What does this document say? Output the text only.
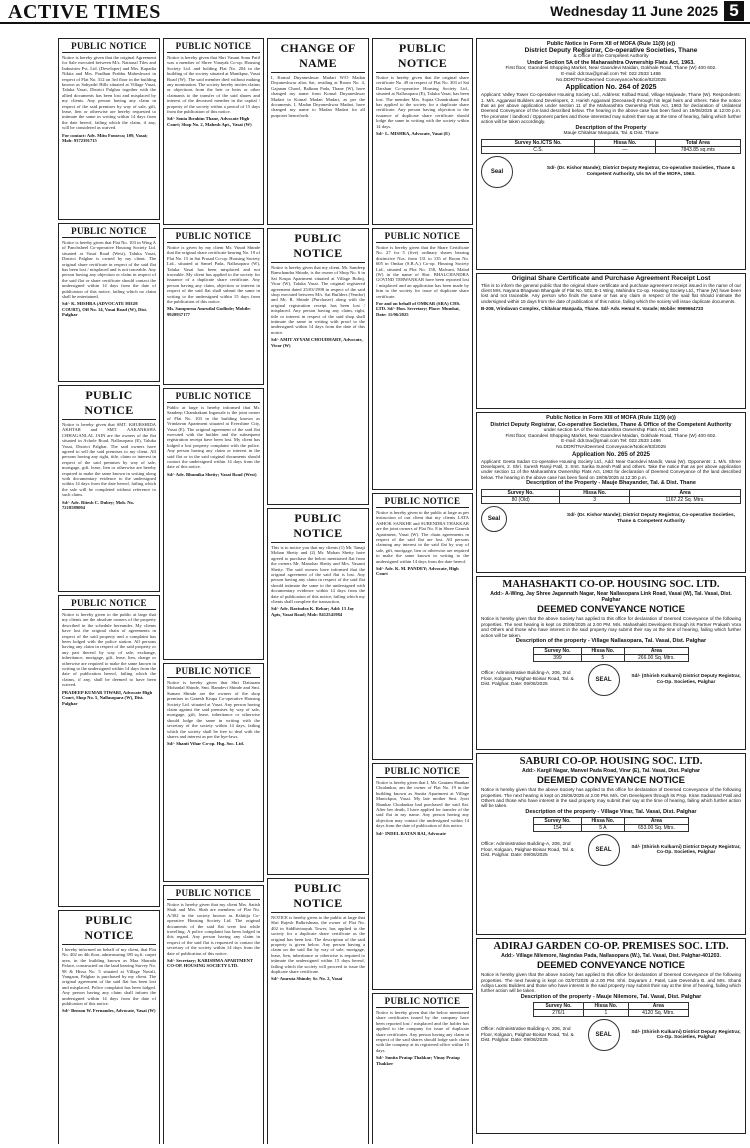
ACTIVE TIMES	Wednesday 11 June 2025 5
PUBLIC NOTICE
Notice is hereby given that the original Agreement for Sale executed between M/s. National Tiles and Industries Pvt. Ltd. (Developer) and Mrs. Kapadia Nikita and Mrs. Pradhan Prabhu Maheshwari in respect of Flat No. 312 on 3rd floor in the building known as Sahyadri Hills situated at Village Vasai, Taluka Vasai, District Palghar together with the allied documents has been lost and misplaced by my clients. Any person having any claim in respect of the said premises by way of sale, gift, lease, lien or otherwise are hereby requested to intimate the same in writing within 14 days from the date hereof, failing which the claim, if any, will be considered as waived.
For contact: Adv. Mitu Fonseca; 109, Vasai; Mob: 9372391715
PUBLIC NOTICE
Notice is hereby given that Flat No. 103 in Wing A of Panchsheel Co-operative Housing Society Ltd. situated at Vasai Road (West), Taluka Vasai, District Palghar is owned by my client. The original share certificate in respect of the said flat has been lost / misplaced and is not traceable. Any person having any objection or claim in respect of the said flat or share certificate should contact the undersigned within 14 days from the date of publication of this notice, failing which no claim shall be entertained.
Sd/- K. MISHRA (ADVOCATE HIGH COURT), Off No. 14, Vasai Road (W), Dist. Palghar
PUBLIC NOTICE
Notice is hereby given that SMT. KHURSHIDA AKHTAR and SMT. AAKANKSHA CHHAGANLAL JAIN are the owners of the flat situated in Achole Road, Nallasopara (E), Taluka Vasai, District Palghar. The said owners have agreed to sell the said premises to my client. All persons having any right, title, claim or interest in respect of the said premises by way of sale, mortgage, gift, lease, lien or otherwise are hereby required to make the same known in writing along with documentary evidence to the undersigned within 14 days from the date hereof, failing which the sale will be completed without reference to such claim.
Sd/- Adv. Ritesh C. Dubey; Mob. No. 7218589094
PUBLIC NOTICE
Notice is hereby given to the public at large that my clients are the absolute owners of the property described in the schedule hereunder. My clients have lost the original chain of agreements in respect of the said property and a complaint has been lodged with the police station. All persons having any claim in respect of the said property or any part thereof by way of sale, exchange, inheritance, mortgage, gift, lease, lien, charge or otherwise are required to make the same known in writing to the undersigned within 14 days from the date of publication hereof, failing which the claims, if any, shall be deemed to have been waived.
PRADEEP KUMAR TIWARI, Advocate High Court, Shop No. 5, Nallasopara (W), Dist. Palghar
PUBLIC NOTICE
I hereby informed on behalf of my client, that Flat No. 402 on 4th floor, admeasuring 395 sq.ft. carpet area, in the building known as Maa Sharada Palace, constructed on the land bearing Survey No. 98 & Hissa No. 5 situated at Village Navali, Vangaon, Palghar is purchased by my client. The original agreement of the said flat has been lost and misplaced. Police complaint has been lodged. Any person having any claim shall inform the undersigned within 14 days from the date of publication of this notice.
Sd/- Benson W. Fernandes, Advocate, Vasai (W)
PUBLIC NOTICE
Notice is hereby given that Shri Vasant Sonu Patil was a member of Shree Vinayak Co-op. Housing Society Ltd. and holding Flat No. 204 in the building of the society situated at Manikpur, Vasai Road (W). The said member died without making any nomination. The society hereby invites claims or objections from the heir or heirs or other claimants to the transfer of the said shares and interest of the deceased member in the capital / property of the society within a period of 15 days from the publication of this notice.
Sd/- Sonia Ibrahim Thane, Advocate High Court; Shop No. 2, Mahesh Apt., Vasai (W)
PUBLIC NOTICE
Notice is given by my client Mr. Vinod Shinde that the original share certificate bearing No. 19 of Flat No. 15 in Sai Prasad Co-op. Housing Society Ltd., situated at Samel Pada, Nallasopara (W), Taluka Vasai has been misplaced and not traceable. My client has applied to the society for issuance of a duplicate share certificate. Any person having any claim, objection or interest in respect of the said flat shall submit the same in writing to the undersigned within 15 days from the publication of this notice.
Ms. Sampurna Amrutlal Godbole; Mobile: 9920937177
PUBLIC NOTICE
Public at large is hereby informed that Mr. Sandeep Chandrakant Ingawale is the joint owner of Flat No. 103 in the building known as Vrindavan Apartment situated at Evershine City, Vasai (E). The original agreement of the said flat executed with the builder and the subsequent registration receipt have been lost. My client has lodged a lost property complaint with the police. Any person having any claim or interest in the said flat or in the said original documents should contact the undersigned within 14 days from the date of this notice.
Sd/- Adv. Bhumika Shetty; Vasai Road (West)
PUBLIC NOTICE
Notice is hereby given that Shri Dattaram Mohanlal Shinde, Smt. Ramdevi Shinde and Smt. Suman Shinde are the owners of the shop premises in Ganesh Krupa Co-operative Housing Society Ltd. situated at Vasai. Any person having claim against the said premises by way of sale, mortgage, gift, lease, inheritance or otherwise should lodge the same in writing with the secretary of the society within 14 days, failing which the society shall be free to deal with the shares and interest as per the bye-laws.
Sd/- Shanti Vihar Co-op. Hsg. Soc. Ltd.
PUBLIC NOTICE
Notice is hereby given that my client Mrs. Satish Shah and Mrs. Shah are members of Flat No. A/302 in the society known as Kshitija Co-operative Housing Society Ltd. The original documents of the said flat were lost while travelling. A police complaint has been lodged in this regard. Any person having any claim in respect of the said flat is requested to contact the secretary of the society within 14 days from the date of publication of this notice.
Sd/- Secretary; KARISHMA APARTMENT CO-OP. HOUSING SOCIETY LTD.
CHANGE OF NAME
I, Komal Dnyaneshwar Madari W/O Madan Dnyaneshwar alias Sai, residing at Room No. 4, Gajanan Chawl, Balkum Pada, Thane (W), have changed my name from Komal Dnyaneshwar Madari to Komal Madan Madari, as per the documents. I, Madan Dnyaneshwar Madari, have changed my name to Madan Madari for all purposes henceforth.
PUBLIC NOTICE
Notice is hereby given that my client, Mr. Sandeep Ramchandra Shinde, is the owner of Shop No. 6 in Sai Krupa Apartment situated at Village Bolinj, Virar (W), Taluka Vasai. The original registered agreement dated 25/03/1998 in respect of the said shop executed between M/s. Sai Builders (Vendor) and Mr. R. Shinde (Purchaser) along with the original registration receipt has been lost / misplaced. Any person having any claim, right, title or interest in respect of the said shop shall intimate the same in writing with proof to the undersigned within 14 days from the date of this notice.
Sd/- AMIT AYYAM CHOUDHARY, Advocate, Virar (W)
PUBLIC NOTICE
This is to notice you that my clients (1) Mr. Tanaji Mohan Shetty and (2) Mr. Mohan Shetty have agreed to purchase the below mentioned flat from the owners Mr. Manohar Shetty and Mrs. Vasanti Shetty. The said owners have informed that the original agreement of the said flat is lost. Any person having any claim in respect of the said flat should intimate the same to the undersigned with documentary evidence within 14 days from the date of publication of this notice, failing which my clients shall complete the transaction.
Sd/- Adv. Ravindra K. Rebar; Add: 13 Jay Apts, Vasai Road; Mob: 8412541984
PUBLIC NOTICE
NOTICE is hereby given to the public at large that Shri Rajesh Balkrishnan, the owner of Flat No. 402 in Siddhivinayak Tower, has applied to the society for a duplicate share certificate as the original has been lost. The description of the said property is given below. Any person having a claim on the said flat by way of sale, mortgage, lease, lien, inheritance or otherwise is required to intimate the undersigned within 15 days hereof, failing which the society will proceed to issue the duplicate share certificate.
Sd/- Amruta Shinde; Sr. No. 2, Vasai
PUBLIC NOTICE
Notice is hereby given that the original share certificate No. 49 in respect of Flat No. 303 of Sai Darshan Co-operative Housing Society Ltd., situated at Nallasopara (E), Taluka Vasai, has been lost. The member Mrs. Sujata Chandrakant Patil has applied to the society for a duplicate share certificate. Any person having objection to the issuance of duplicate share certificate should lodge the same in writing with the society within 14 days.
Sd/- L. MISHRA, Advocate, Vasai (E)
PUBLIC NOTICE
Notice is hereby given that the Share Certificate No. 27 for 5 (five) ordinary shares bearing distinctive Nos. from 131 to 135 of Room No. 605 in Omkar (S.R.A.) Co-op. Housing Society Ltd., situated at Plot No. 158, Malvani, Malad (W) in the name of Shri. BHALCHANDRA GOVIND TERWANKAR have been reported lost / misplaced and an application has been made by him to the society for issue of duplicate share certificate.
For and on behalf of OMKAR (SRA) CHS. LTD. Sd/- Hon. Secretary; Place: Mumbai, Date: 11/06/2025
PUBLIC NOTICE
Notice is hereby given to the public at large as per instruction of our client that my clients LATA ASHOK SANKHE and SURENDRA THAKKAR are the joint owners of Flat No. 8 in Shree Ganesh Apartment, Vasai (W). The chain agreements in respect of the said flat are lost. All persons claiming any interest in the said flat by way of sale, gift, mortgage, lien or otherwise are required to make the same known in writing to the undersigned within 14 days from the date hereof.
Sd/- Adv. K. M. PANDEY; Advocate, High Court
PUBLIC NOTICE
Notice is hereby given that I, Mr. Gautam Shankar Chodankar, am the owner of Flat No. 19 in the building known as Sunita Apartment at Village Manickpur, Vasai. My late mother Smt. Jyoti Shankar Chodankar had purchased the said flat. After her death, I have applied for transfer of the said flat in my name. Any person having any objection may contact the undersigned within 14 days from the date of publication of this notice.
Sd/- INDEL RATAN BAI, Advocate
PUBLIC NOTICE
Notice is hereby given that the below mentioned share certificates issued by the company have been reported lost / misplaced and the holder has applied to the company for issue of duplicate share certificates. Any person having any claim in respect of the said shares should lodge such claim with the company at its registered office within 15 days.
Sd/- Sunita Pratap Thakkar; Vinay Pratap Thakker
Public Notice in Form XII of MOFA (Rule 11(9) (e))
District Deputy Registrar, Co-operative Societies, Thane
& Office of the Competent Authority
Under Section 5A of the Maharashtra Ownership Flats Act, 1963.
First floor, Gaondevi Shopping Market, Near Gaondevi Maidan, Gokhale Road, Thane (W) 400 602.
E-mail: ddr.tna@gmail.com Tel: 022 2533 1486
No.DDR/TNA/Deemed Conveyance/Notice/62/2025
Application No. 264 of 2025
Applicant: Valley Tower Co-operative Housing Society Ltd., Address: Kolbad Road, Village Majiwade, Thane (W). Respondents: 1. M/s. Aggarwal Builders and Developers, 2. Harish Aggarwal (Deceased) through his legal heirs and others. Take the notice that as per above application under section 11 of the Maharashtra Ownership Flats Act, 1963 for declaration of Unilateral Deemed Conveyance of the land described below. The hearing in the above case has been fixed on 19/06/2025 at 12:00 p.m. The promoter / landlord / Opponent parties and those interested may submit their say at the time of hearing, failing which further action will be taken accordingly.
Description of the Property
Mauje Chitalsar Manpada, Tal. & Dist. Thane
Survey No./CTS No.	Hissa No.	Total Area
C.S.	—	7843.85 sq.mts
Seal
Sd/- (Dr. Kishor Mande); District Deputy Registrar, Co-operative Societies, Thane & Competent Authority, U/s 5A of the MOFA, 1963.
Original Share Certificate and Purchase Agreement Receipt Lost
This is to inform the general public that the original share certificate and purchase agreement receipt issued in the name of our client Mrs. Nayana Bhagwan Bhangale of Flat No. 502, B-1 Wing, Mahindra Co-op. Housing Society Ltd., Thane (W) have been lost and not traceable. Any person who finds the same or has any claim in respect of the said flat should intimate the undersigned within 15 days from the date of publication of this notice, failing which the society will issue duplicate documents.
B-208, Vrindavan Complex, Chitalsar Manpada, Thane. Sd/- Adv. Hemal K. Varade; Mobile: 9969664733
Public Notice in Form XIII of MOFA (Rule 11(9) (e))
District Deputy Registrar, Co-operative Societies, Thane & Office of the Competent Authority
under section 5A of the Maharashtra Ownership Flats Act, 1963
First floor, Gaondevi Shopping Market, Near Gaondevi Maidan, Gokhale Road, Thane (W) 400 602.
E-mail: ddr.tna@gmail.com Tel: 022 2533 1486
No.DDR/TNA/Deemed Conveyance/Notice/63/2025
Application No. 265 of 2025
Applicant: Geeta Sadan Co-operative Housing Society Ltd., Add: Near Gaondevi Mandir, Vasai (W). Opponents: 1. M/s. Shree Developers, 2. Shri. Suresh Ramji Patil, 3. Smt. Sarika Suresh Patil and others. Take the notice that as per above application under section 11 of the Maharashtra Ownership Flats Act, 1963 for declaration of Deemed Conveyance of the land described below. The hearing in the above case has been fixed on 19/06/2025 at 12:30 p.m.
Description of the Property - Mauje Bhayander, Tal. & Dist. Thane
Survey No.	Hissa No.	Area
80 (Old)	3	1167.22 Sq. Mtrs.
Seal
Sd/- (Dr. Kishor Mande); District Deputy Registrar, Co-operative Societies, Thane & Competent Authority
MAHASHAKTI CO-OP. HOUSING SOC. LTD.
Add:- A-Wing, Jay Shree Jagannath Nagar, Near Nallasopara Link Road, Vasai (W), Tal. Vasai, Dist. Palghar
DEEMED CONVEYANCE NOTICE
Notice is hereby given that the above Society has applied to this office for declaration of Deemed Conveyance of the following properties. The next hearing is kept on 25/06/2025 at 2.00 PM. M/s. Mahashakti Developers through its Partner Prakash Vora and Others and those who have interest in the said property may submit their say at the time of hearing, failing which further action will be taken.
Description of the property - Village Nallasopara, Tal. Vasai, Dist. Palghar
Survey No.	Hissa No.	Area
399	5	266.00 Sq. Mtrs.
Office: Administrative Building-A, 206, 2nd Floor, Kolgaon, Palghar-Boisar Road, Tal. & Dist. Palghar. Date: 09/06/2025
SEAL
Sd/- (Shirish Kulkarni) District Deputy Registrar, Co-Op. Societies, Palghar
SABURI CO-OP. HOUSING SOC. LTD.
Add:- Kargil Nagar, Manvel Pada Road, Virar (E), Tal. Vasai, Dist. Palghar
DEEMED CONVEYANCE NOTICE
Notice is hereby given that the above Society has applied to this office for declaration of Deemed Conveyance of the following properties. The next hearing is kept on 25/06/2025 at 2.00 PM. M/s. Om Developers through its Prop. Kiran Sadanand Patil and Others and those who have interest in the said property may submit their say at the time of hearing, failing which further action will be taken.
Description of the property - Village Virar, Tal. Vasai, Dist. Palghar
Survey No.	Hissa No.	Area
154	5 A	653.00 Sq. Mtrs.
Office: Administrative Building-A, 206, 2nd Floor, Kolgaon, Palghar-Boisar Road, Tal. & Dist. Palghar. Date: 09/06/2025
SEAL
Sd/- (Shirish Kulkarni) District Deputy Registrar, Co-Op. Societies, Palghar
ADIRAJ GARDEN CO-OP. PREMISES SOC. LTD.
Add:- Village Nilemore, Nagindas Pada, Nallasopara (W.), Tal. Vasai, Dist. Palghar-401203.
DEEMED CONVEYANCE NOTICE
Notice is hereby given that the above Society has applied to this office for declaration of Deemed Conveyance of the following properties. The next hearing is kept on 02/07/2025 at 2.00 PM. Shri. Dayaram J. Patel, Late Devendra B. and Mrs. Shanti Aditya Laxmi Builders and those who have interest in the said property may submit their say at the time of hearing, failing which further action will be taken.
Description of the property - Mauje Nilemore, Tal. Vasai, Dist. Palghar
Survey No.	Hissa No.	Area
276/1	1	4120 Sq. Mtrs.
Office: Administrative Building-A, 206, 2nd Floor, Kolgaon, Palghar-Boisar Road, Tal. & Dist. Palghar. Date: 09/06/2025
SEAL
Sd/- (Shirish Kulkarni) District Deputy Registrar, Co-Op. Societies, Palghar
